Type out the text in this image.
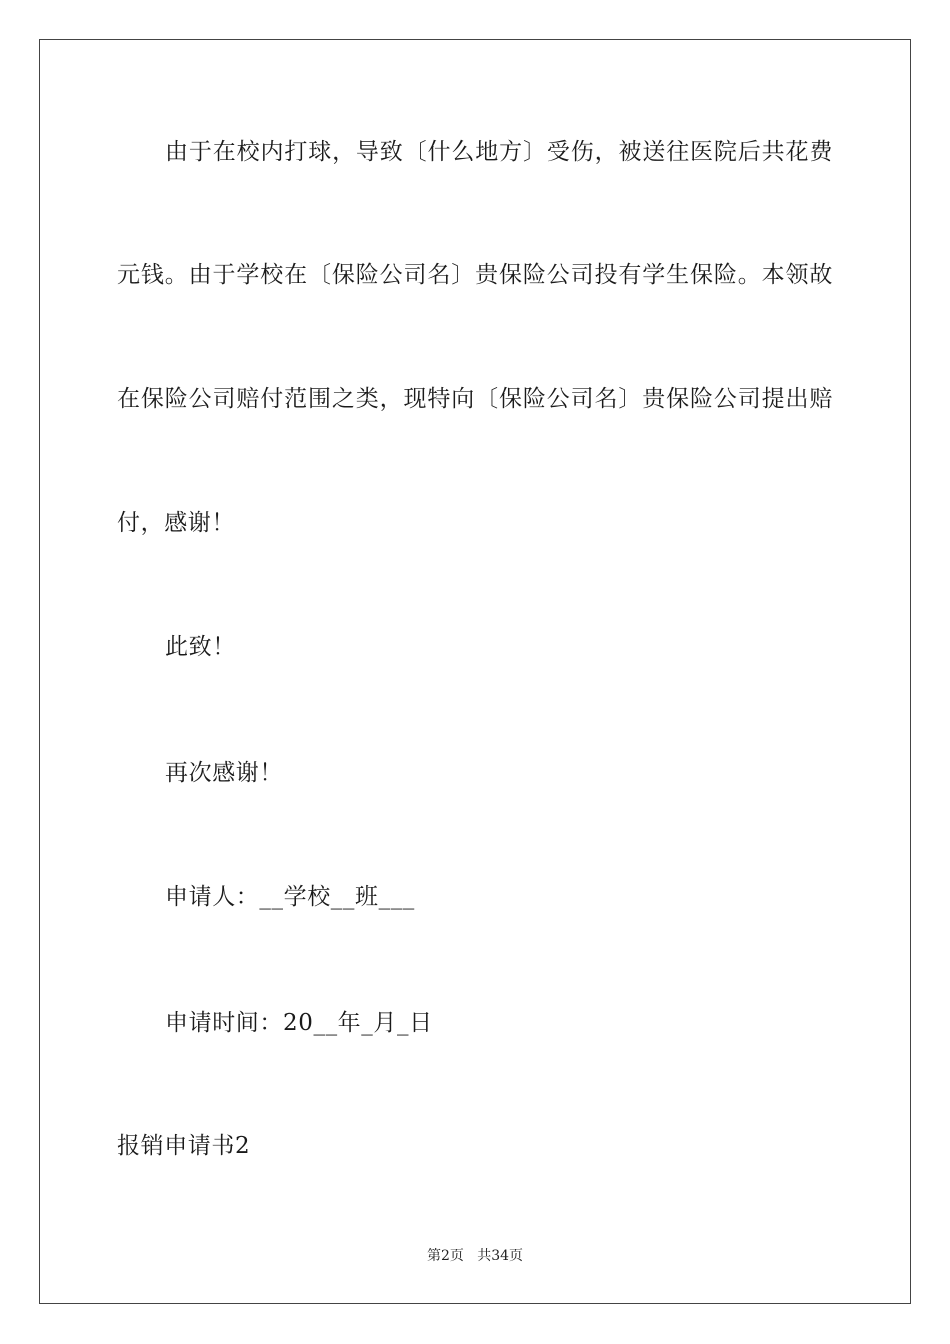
由于在校内打球，导致〔什么地方〕受伤，被送往医院后共花费
元钱。由于学校在〔保险公司名〕贵保险公司投有学生保险。本领故
在保险公司赔付范围之类，现特向〔保险公司名〕贵保险公司提出赔
付，感谢！
此致！
再次感谢！
申请人：__学校__班___
申请时间：20__年_月_日
报销申请书2
第2页   共34页
